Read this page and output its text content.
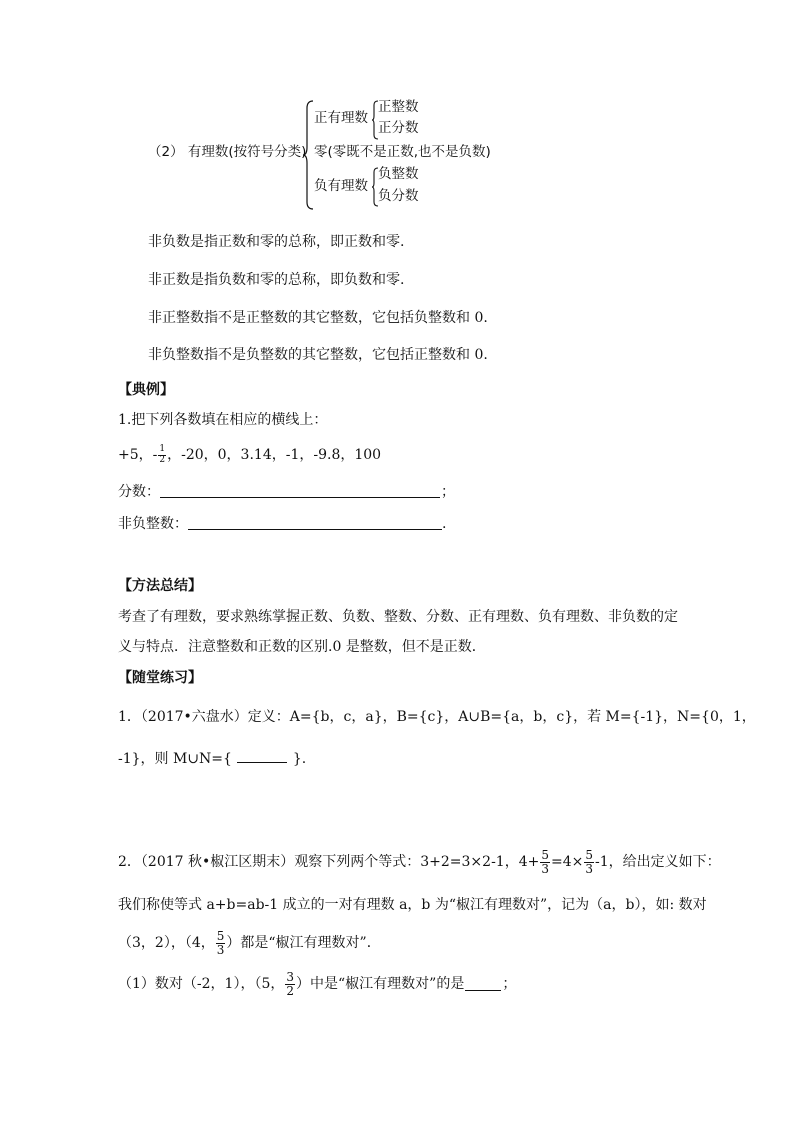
（2） 有理数(按符号分类)
正有理数
正整数
正分数
零(零既不是正数,也不是负数)
负有理数
负整数
负分数
非负数是指正数和零的总称，即正数和零.
非正数是指负数和零的总称，即负数和零.
非正整数指不是正整数的其它整数，它包括负整数和 0.
非负整数指不是负整数的其它整数，它包括正整数和 0.
【典例】
1.把下列各数填在相应的横线上：
+5， - $\frac{1}{2}$ ，-20，0，3.14，-1，-9.8，100
分数：	；
非负整数：	.
【方法总结】
考查了有理数，要求熟练掌握正数、负数、整数、分数、正有理数、负有理数、非负数的定
义与特点．注意整数和正数的区别.0 是整数，但不是正数．
【随堂练习】
1．（2017•六盘水）定义：A={b，c，a}，B={c}，A∪B={a，b，c}，若 M={-1}，N={0，1，
-1}，则 M∪N={	}.
2．（2017 秋•椒江区期末）观察下列两个等式：3+2=3×2-1，$4+ \frac{5}{3} =4\times \frac{5}{3} -1$，给出定义如下：
我们称使等式 a+b=ab-1 成立的一对有理数 a，b 为“椒江有理数对”，记为（a，b），如: 数对
（3，2），（4， $\frac{5}{3}$ ）都是“椒江有理数对”．
（1）数对（-2，1），（5， $\frac{3}{2}$ ）中是“椒江有理数对”的是	；
